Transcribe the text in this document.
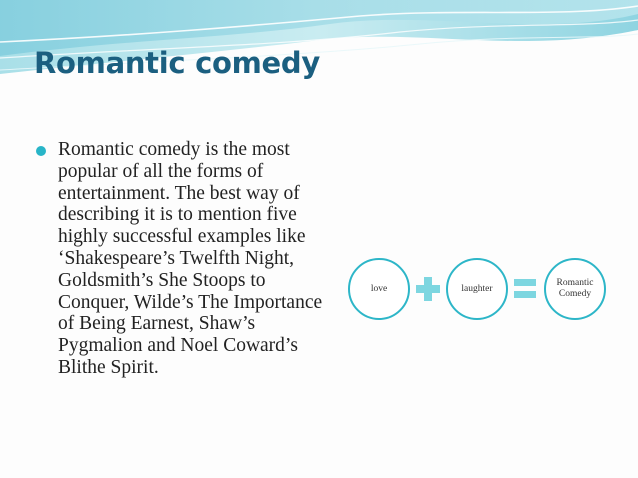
Romantic comedy

Romantic comedy is the most popular of all the forms of entertainment. The best way of describing it is to mention five highly successful examples like ‘Shakespeare’s Twelfth Night, Goldsmith’s She Stoops to Conquer, Wilde’s The Importance of Being Earnest, Shaw’s Pygmalion and Noel Coward’s Blithe Spirit.

love	laughter
Romantic Comedy
